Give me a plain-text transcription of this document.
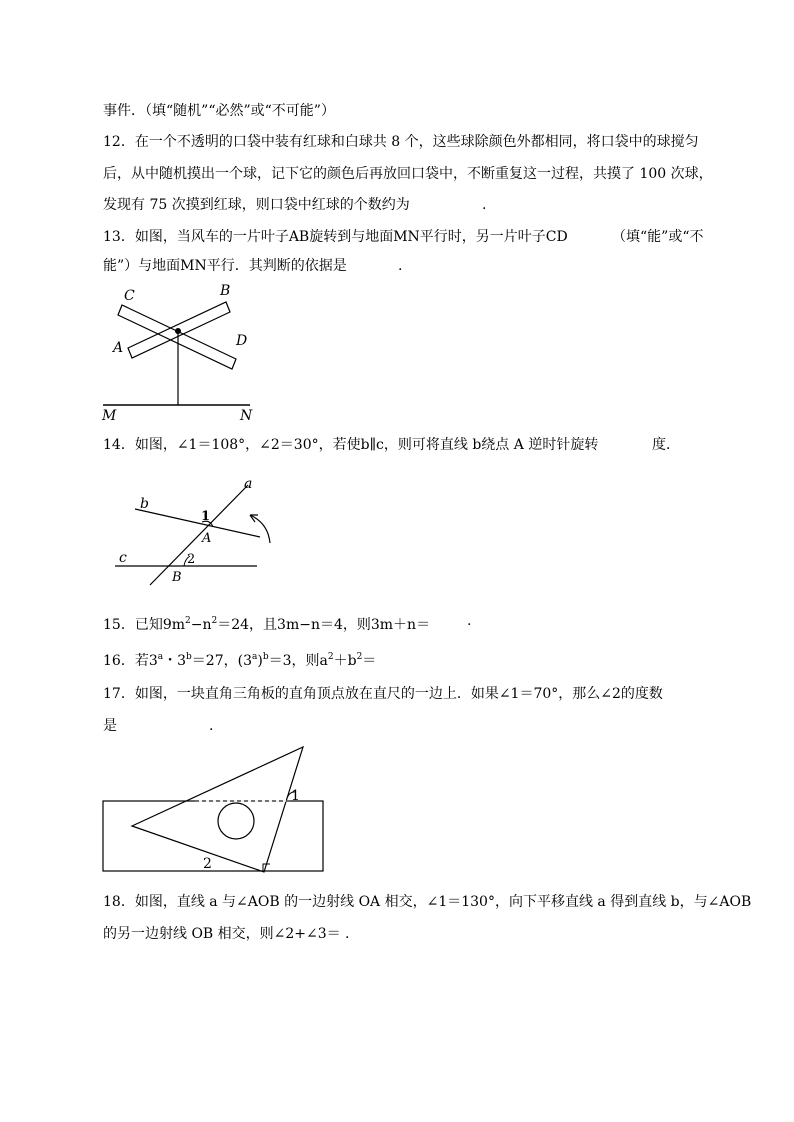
事件．（填“随机”“必然”或“不可能”）
12．在一个不透明的口袋中装有红球和白球共 8 个，这些球除颜色外都相同，将口袋中的球搅匀
后，从中随机摸出一个球，记下它的颜色后再放回口袋中，不断重复这一过程，共摸了 100 次球，
发现有 75 次摸到红球，则口袋中红球的个数约为	.
13．如图，当风车的一片叶子AB旋转到与地面MN平行时，另一片叶子CD	（填“能”或“不
能”）与地面MN平行．其判断的依据是	.
C	B
A	D
M	N
14．如图，∠1＝108°，∠2＝30°，若使b∥c，则可将直线 b绕点 A 逆时针旋转	度．
a
b
c
1
A
2
B
15．已知$9m^2-n^2=24$，且3m−n＝4，则3m＋n＝	.
16．若3$^a$・$3^b=27$，$(3^a)^b=3$，则$a^2+b^2=$
17．如图，一块直角三角板的直角顶点放在直尺的一边上．如果∠1＝70°，那么∠2的度数
是	.
1
2
18．如图，直线 a 与∠AOB 的一边射线 OA 相交，∠1＝130°，向下平移直线 a 得到直线 b，与∠AOB
的另一边射线 OB 相交，则∠2+∠3＝ .
